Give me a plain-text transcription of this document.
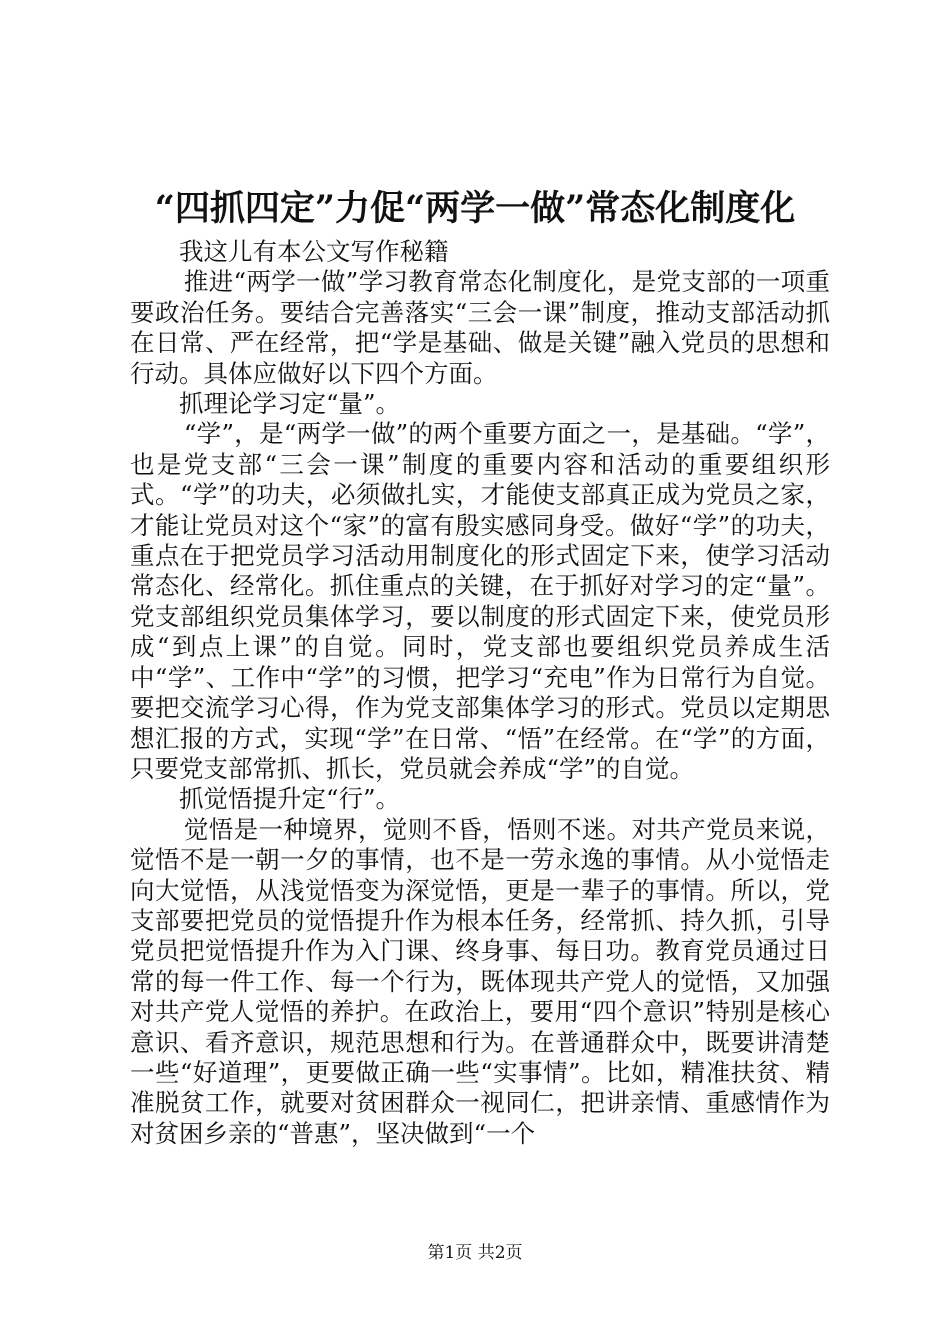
“四抓四定”力促“两学一做”常态化制度化

我这儿有本公文写作秘籍

推进“两学一做”学习教育常态化制度化，是党支部的一项重要政治任务。要结合完善落实“三会一课”制度，推动支部活动抓在日常、严在经常，把“学是基础、做是关键”融入党员的思想和行动。具体应做好以下四个方面。

抓理论学习定“量”。

“学”，是“两学一做”的两个重要方面之一，是基础。“学”，也是党支部“三会一课”制度的重要内容和活动的重要组织形式。“学”的功夫，必须做扎实，才能使支部真正成为党员之家，才能让党员对这个“家”的富有殷实感同身受。做好“学”的功夫，重点在于把党员学习活动用制度化的形式固定下来，使学习活动常态化、经常化。抓住重点的关键，在于抓好对学习的定“量”。党支部组织党员集体学习，要以制度的形式固定下来，使党员形成“到点上课”的自觉。同时，党支部也要组织党员养成生活中“学”、工作中“学”的习惯，把学习“充电”作为日常行为自觉。要把交流学习心得，作为党支部集体学习的形式。党员以定期思想汇报的方式，实现“学”在日常、“悟”在经常。在“学”的方面，只要党支部常抓、抓长，党员就会养成“学”的自觉。

抓觉悟提升定“行”。

觉悟是一种境界，觉则不昏，悟则不迷。对共产党员来说，觉悟不是一朝一夕的事情，也不是一劳永逸的事情。从小觉悟走向大觉悟，从浅觉悟变为深觉悟，更是一辈子的事情。所以，党支部要把党员的觉悟提升作为根本任务，经常抓、持久抓，引导党员把觉悟提升作为入门课、终身事、每日功。教育党员通过日常的每一件工作、每一个行为，既体现共产党人的觉悟，又加强对共产党人觉悟的养护。在政治上，要用“四个意识”特别是核心意识、看齐意识，规范思想和行为。在普通群众中，既要讲清楚一些“好道理”，更要做正确一些“实事情”。比如，精准扶贫、精准脱贫工作，就要对贫困群众一视同仁，把讲亲情、重感情作为对贫困乡亲的“普惠”，坚决做到“一个

第1页 共2页
